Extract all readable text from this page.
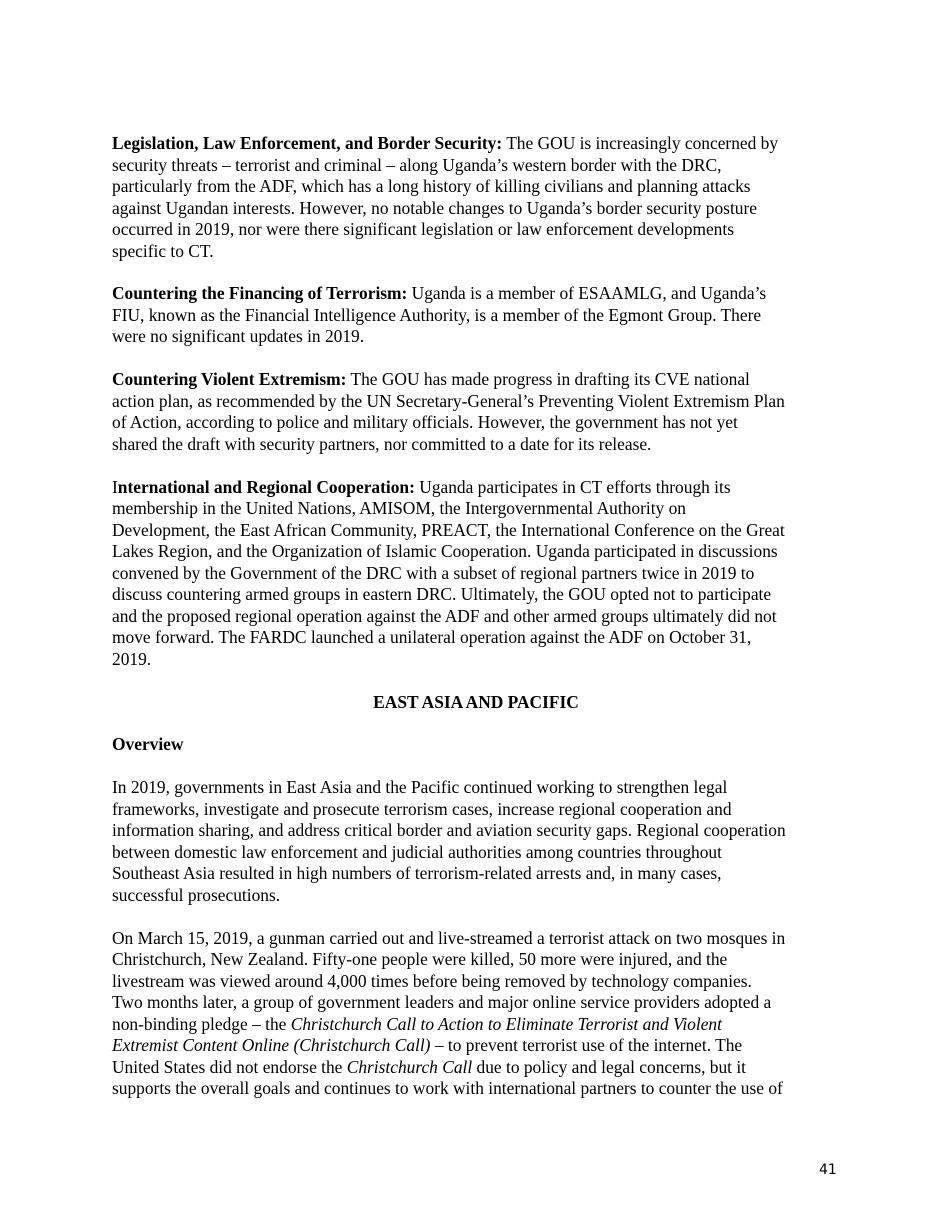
Legislation, Law Enforcement, and Border Security: The GOU is increasingly concerned by
security threats – terrorist and criminal – along Uganda’s western border with the DRC,
particularly from the ADF, which has a long history of killing civilians and planning attacks
against Ugandan interests. However, no notable changes to Uganda’s border security posture
occurred in 2019, nor were there significant legislation or law enforcement developments
specific to CT.

Countering the Financing of Terrorism: Uganda is a member of ESAAMLG, and Uganda’s
FIU, known as the Financial Intelligence Authority, is a member of the Egmont Group. There
were no significant updates in 2019.

Countering Violent Extremism: The GOU has made progress in drafting its CVE national
action plan, as recommended by the UN Secretary-General’s Preventing Violent Extremism Plan
of Action, according to police and military officials. However, the government has not yet
shared the draft with security partners, nor committed to a date for its release.

International and Regional Cooperation: Uganda participates in CT efforts through its
membership in the United Nations, AMISOM, the Intergovernmental Authority on
Development, the East African Community, PREACT, the International Conference on the Great
Lakes Region, and the Organization of Islamic Cooperation. Uganda participated in discussions
convened by the Government of the DRC with a subset of regional partners twice in 2019 to
discuss countering armed groups in eastern DRC. Ultimately, the GOU opted not to participate
and the proposed regional operation against the ADF and other armed groups ultimately did not
move forward. The FARDC launched a unilateral operation against the ADF on October 31,
2019.

EAST ASIA AND PACIFIC
Overview

In 2019, governments in East Asia and the Pacific continued working to strengthen legal
frameworks, investigate and prosecute terrorism cases, increase regional cooperation and
information sharing, and address critical border and aviation security gaps. Regional cooperation
between domestic law enforcement and judicial authorities among countries throughout
Southeast Asia resulted in high numbers of terrorism-related arrests and, in many cases,
successful prosecutions.

On March 15, 2019, a gunman carried out and live-streamed a terrorist attack on two mosques in
Christchurch, New Zealand. Fifty-one people were killed, 50 more were injured, and the
livestream was viewed around 4,000 times before being removed by technology companies.
Two months later, a group of government leaders and major online service providers adopted a
non-binding pledge – the Christchurch Call to Action to Eliminate Terrorist and Violent
Extremist Content Online (Christchurch Call) – to prevent terrorist use of the internet. The
United States did not endorse the Christchurch Call due to policy and legal concerns, but it
supports the overall goals and continues to work with international partners to counter the use of

41
